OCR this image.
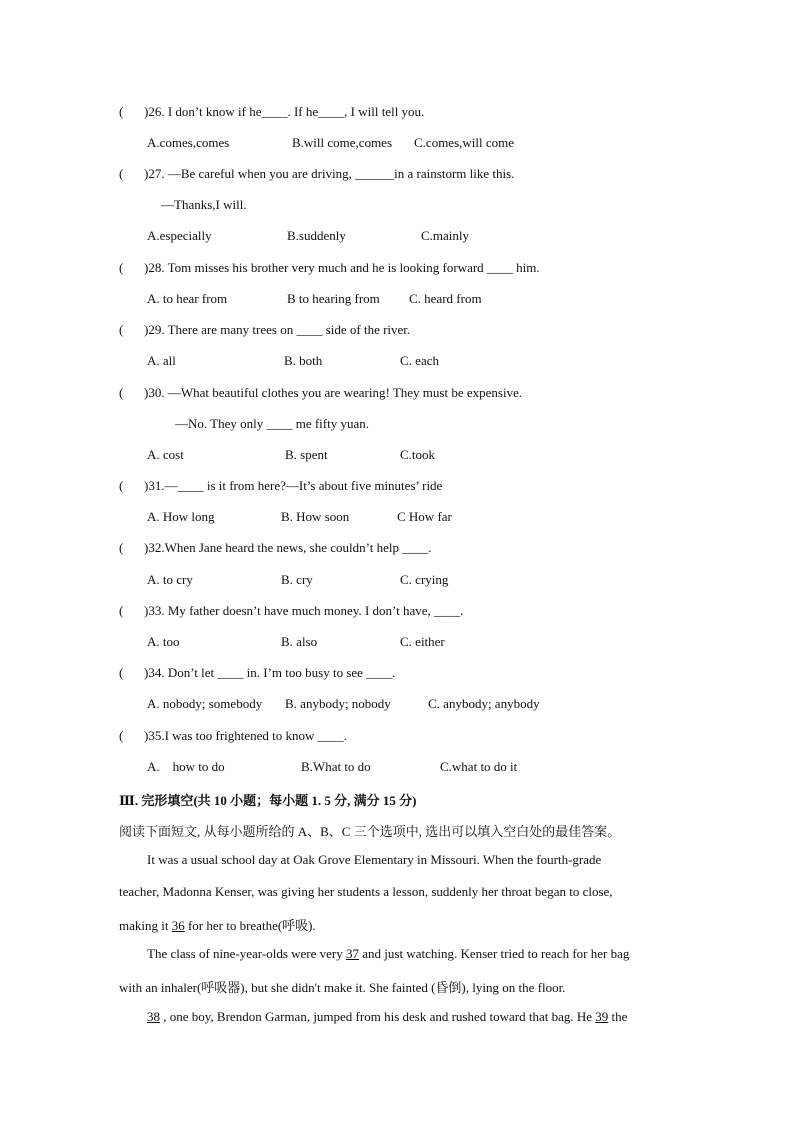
( )26. I don’t know if he____. If he____, I will tell you.
A.comes,comes	B.will come,comes C.comes,will come
( )27. —Be careful when you are driving, ______in a rainstorm like this.
—Thanks,I will.
A.especially	B.suddenly	C.mainly
( )28. Tom misses his brother very much and he is looking forward ____ him.
A. to hear from	B to hearing from C. heard from
( )29. There are many trees on ____ side of the river.
A. all	B. both	C. each
( )30. —What beautiful clothes you are wearing! They must be expensive.
—No. They only ____ me fifty yuan.
A. cost	B. spent	C.took
( )31.—____ is it from here?—It’s about five minutes’ ride
A. How long	B. How soon	C How far
( )32.When Jane heard the news, she couldn’t help ____.
A. to cry	B. cry	C. crying
( )33. My father doesn’t have much money. I don’t have, ____.
A. too	B. also	C. either
( )34. Don’t let ____ in. I’m too busy to see ____.
A. nobody; somebody B. anybody; nobody	C. anybody; anybody
( )35.I was too frightened to know ____.
A.    how to do	B.What to do	C.what to do it
Ⅲ. 完形填空(共 10 小题；每小题 1. 5 分, 满分 15 分)
阅读下面短文, 从每小题所给的 A、B、C 三个选项中, 选出可以填入空白处的最佳答案。
It was a usual school day at Oak Grove Elementary in Missouri. When the fourth-grade
teacher, Madonna Kenser, was giving her students a lesson, suddenly her throat began to close,
making it 36 for her to breathe(呼吸).
The class of nine-year-olds were very 37 and just watching. Kenser tried to reach for her bag
with an inhaler(呼吸器), but she didn't make it. She fainted (昏倒), lying on the floor.
38 , one boy, Brendon Garman, jumped from his desk and rushed toward that bag. He 39 the
